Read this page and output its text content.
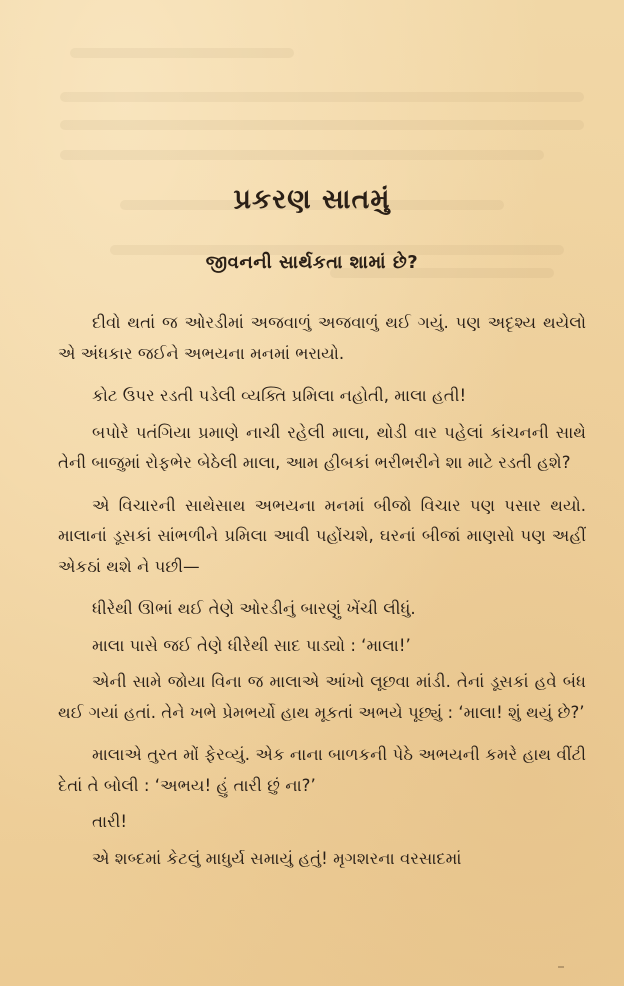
પ્રકરણ સાતમું
જીવનની સાર્થકતા શામાં છે?

દીવો થતાં જ ઓરડીમાં અજવાળું અજવાળું થઈ ગયું. પણ અદૃશ્ય થયેલો એ અંધકાર જઈને અભયના મનમાં ભરાયો.

કોટ ઉપર રડતી પડેલી વ્યક્તિ પ્રમિલા નહોતી, માલા હતી!

બપોરે પતંગિયા પ્રમાણે નાચી રહેલી માલા, થોડી વાર પહેલાં કાંચનની સાથે તેની બાજુમાં રોફભેર બેઠેલી માલા, આમ હીબકાં ભરીભરીને શા માટે રડતી હશે?

એ વિચારની સાથેસાથ અભયના મનમાં બીજો વિચાર પણ પસાર થયો. માલાનાં ડૂસકાં સાંભળીને પ્રમિલા આવી પહોંચશે, ઘરનાં બીજાં માણસો પણ અહીં એકઠાં થશે ને પછી—

ધીરેથી ઊભાં થઈ તેણે ઓરડીનું બારણું ખેંચી લીધું.

માલા પાસે જઈ તેણે ધીરેથી સાદ પાડ્યો : ‘માલા!’

એની સામે જોયા વિના જ માલાએ આંખો લૂછવા માંડી. તેનાં ડૂસકાં હવે બંધ થઈ ગયાં હતાં. તેને ખભે પ્રેમભર્યો હાથ મૂકતાં અભયે પૂછ્યું : ‘માલા! શું થયું છે?’

માલાએ તુરત મોં ફેરવ્યું. એક નાના બાળકની પેઠે અભયની કમરે હાથ વીંટી દેતાં તે બોલી : ‘અભય! હું તારી છું ના?’

તારી!

એ શબ્દમાં કેટલું માધુર્ય સમાયું હતું! મૃગશરના વરસાદમાં
